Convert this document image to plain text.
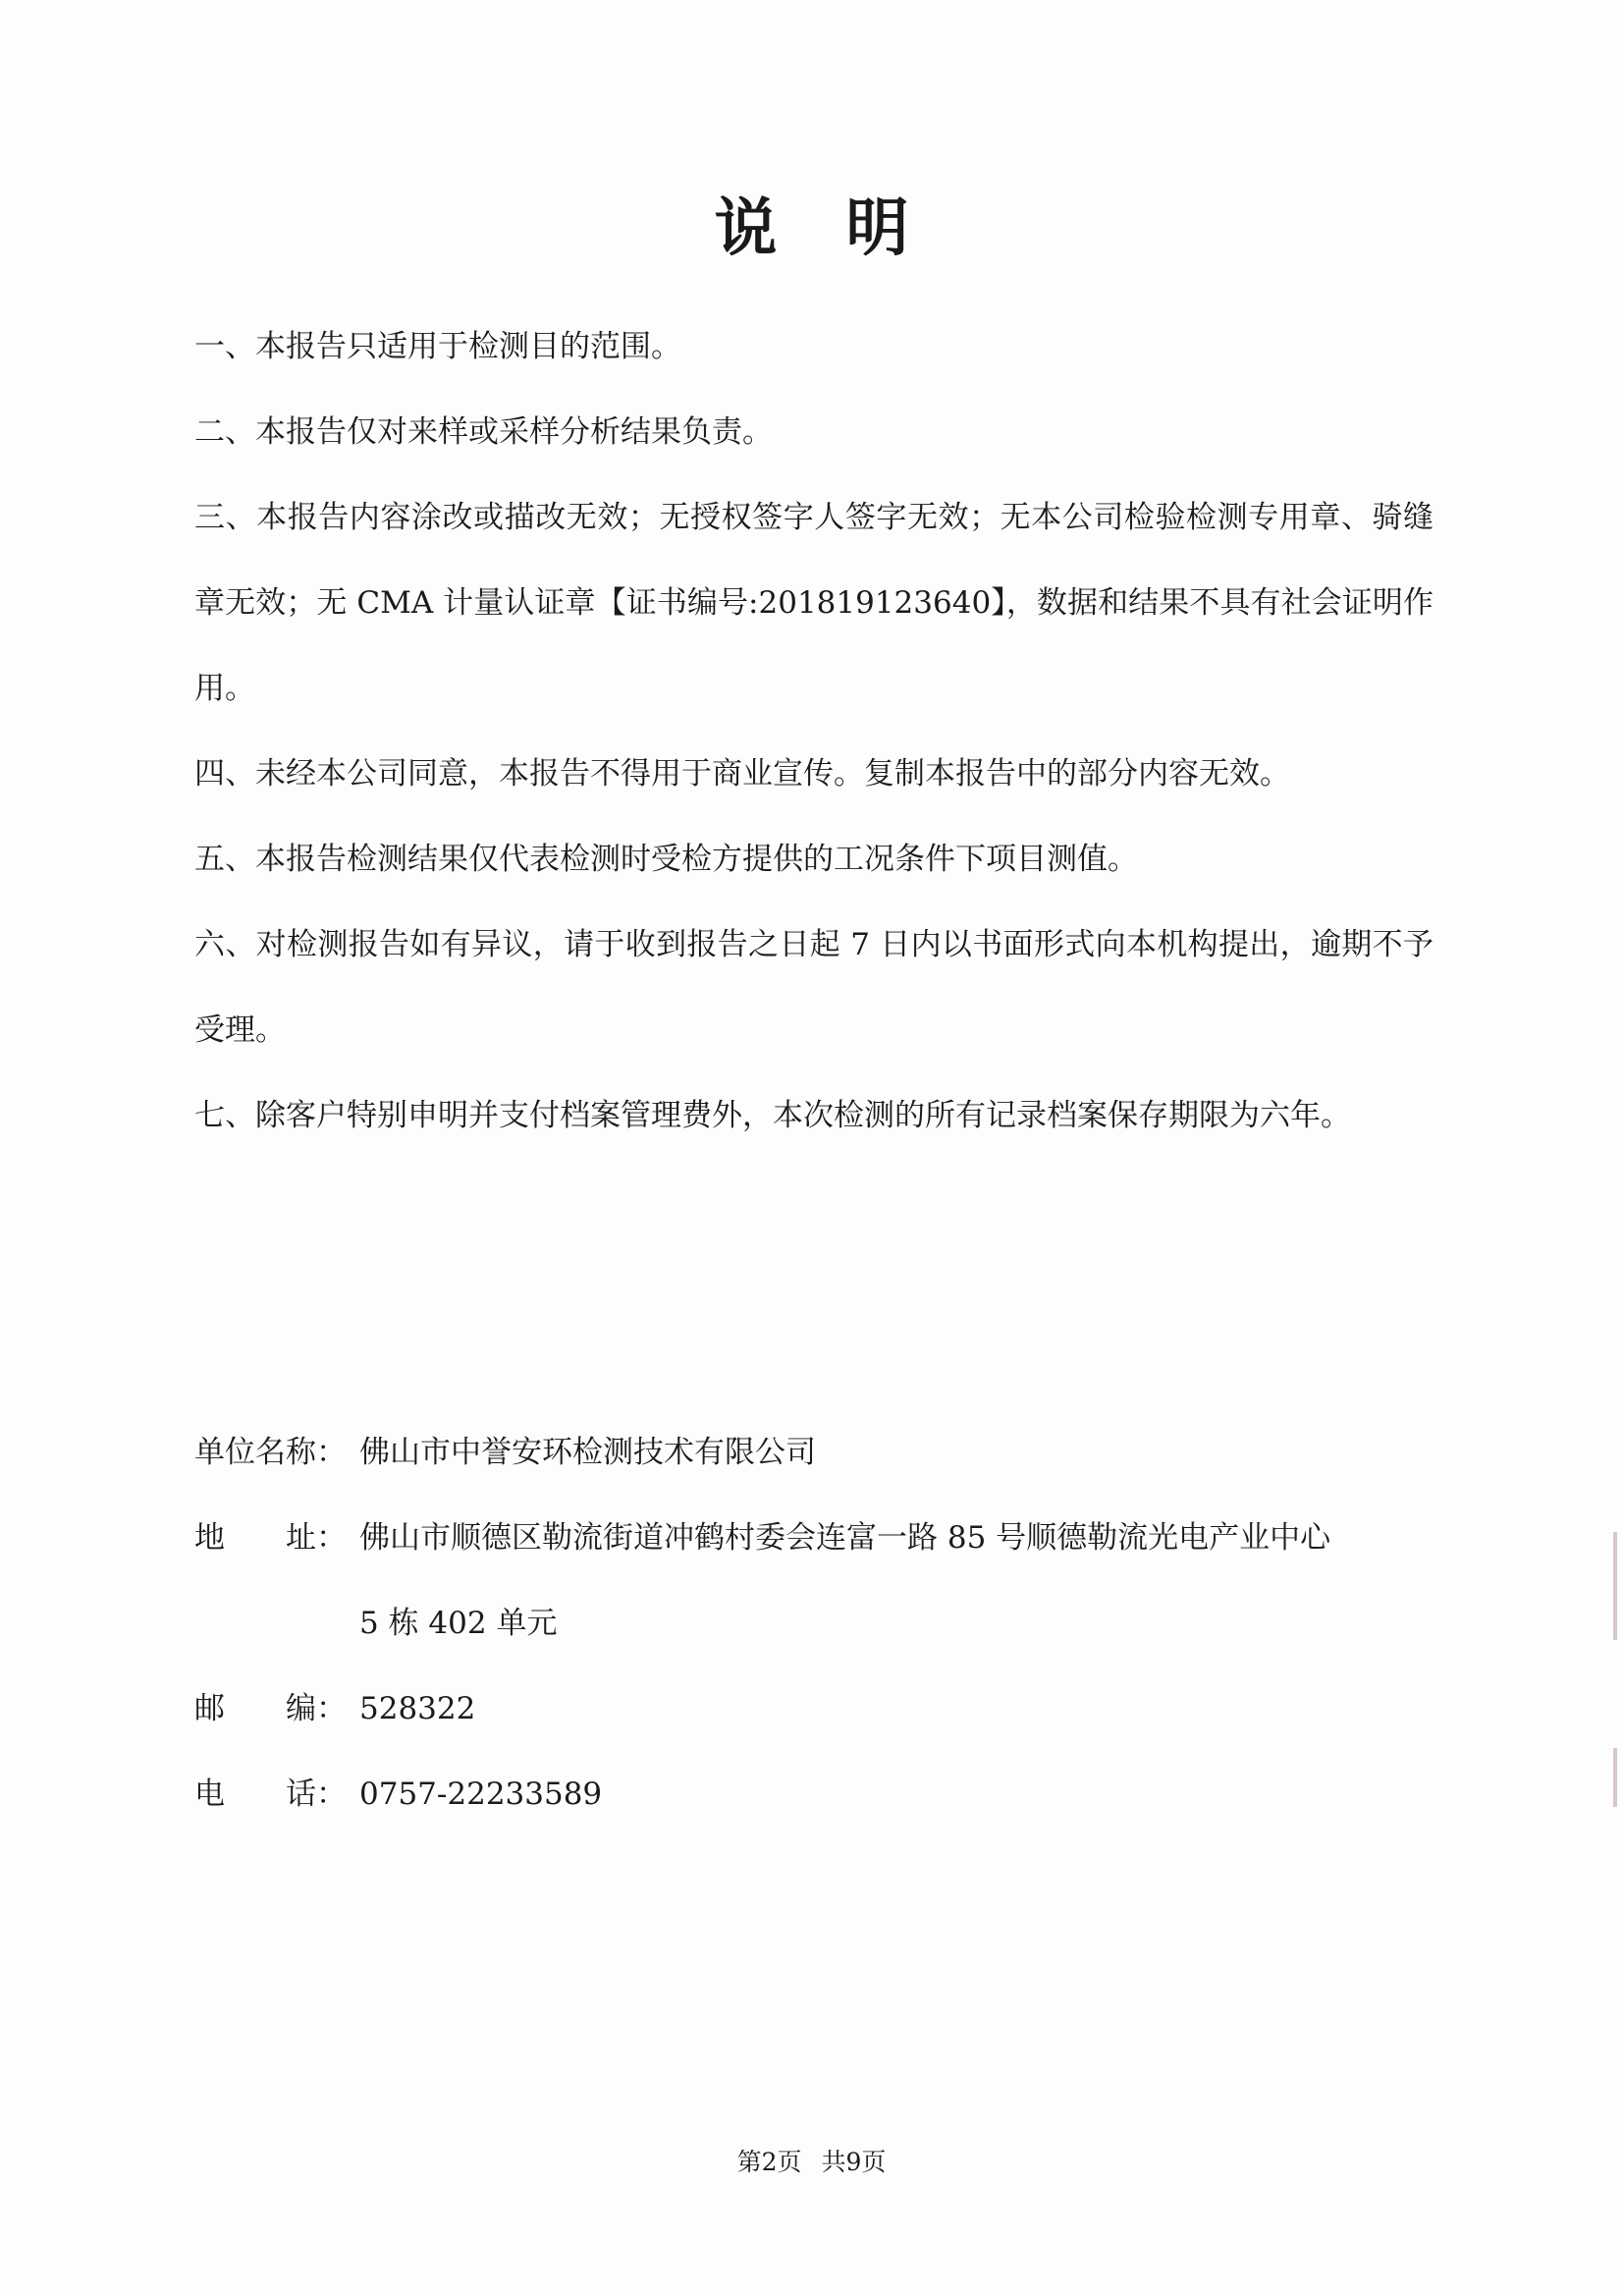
说明

一、本报告只适用于检测目的范围。

二、本报告仅对来样或采样分析结果负责。

三、本报告内容涂改或描改无效；无授权签字人签字无效；无本公司检验检测专用章、骑缝章无效；无 CMA 计量认证章【证书编号:201819123640】，数据和结果不具有社会证明作用。

四、未经本公司同意，本报告不得用于商业宣传。复制本报告中的部分内容无效。

五、本报告检测结果仅代表检测时受检方提供的工况条件下项目测值。

六、对检测报告如有异议，请于收到报告之日起 7 日内以书面形式向本机构提出，逾期不予受理。

七、除客户特别申明并支付档案管理费外，本次检测的所有记录档案保存期限为六年。

单位名称： 佛山市中誉安环检测技术有限公司
地　　址： 佛山市顺德区勒流街道冲鹤村委会连富一路 85 号顺德勒流光电产业中心
5 栋 402 单元
邮　　编： 528322
电　　话： 0757-22233589
第2页 共9页
